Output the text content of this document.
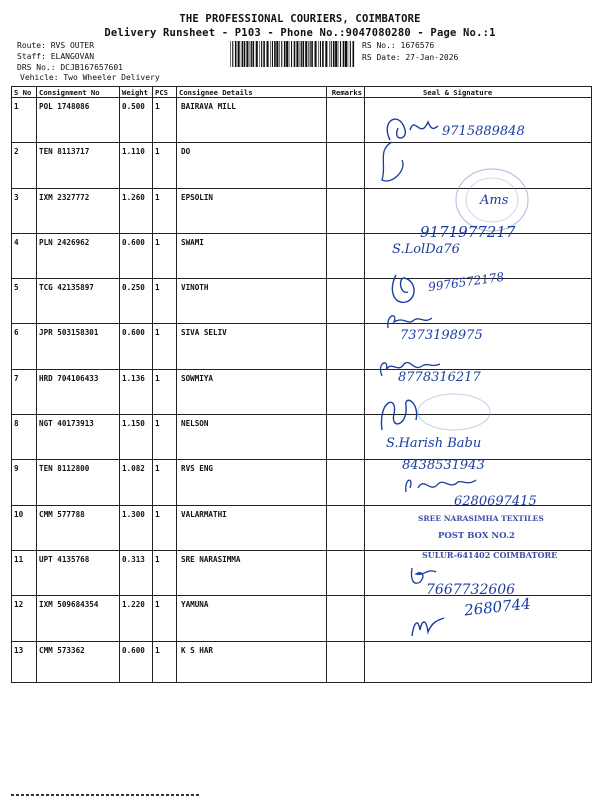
THE PROFESSIONAL COURIERS, COIMBATORE
Delivery Runsheet - P103 - Phone No.:9047080280 - Page No.:1
Route: RVS OUTER
Staff: ELANGOVAN
DRS No.: DCJB167657601
Vehicle: Two Wheeler Delivery
RS No.: 1676576
RS Date: 27-Jan-2026
S No	Consignment No	Weight	PCS	Consignee Details	Remarks	Seal & Signature
1	POL 1748086	0.500	1	BAIRAVA MILL		
2	TEN 8113717	1.110	1	DO		
3	IXM 2327772	1.260	1	EPSOLIN		
4	PLN 2426962	0.600	1	SWAMI		
5	TCG 42135897	0.250	1	VINOTH		
6	JPR 503158301	0.600	1	SIVA SELIV		
7	HRD 704106433	1.136	1	SOWMIYA		
8	NGT 40173913	1.150	1	NELSON		
9	TEN 8112800	1.082	1	RVS ENG		
10	CMM 577788	1.300	1	VALARMATHI		
11	UPT 4135768	0.313	1	SRE NARASIMMA		
12	IXM 509684354	1.220	1	YAMUNA		
13	CMM 573362	0.600	1	K S HAR		
9715889848
Ams
9171977217
S.LolDa76
9976572178
7373198975
8778316217
S.Harish Babu
8438531943
6280697415
SREE NARASIMHA TEXTILES
POST BOX NO.2
SULUR-641402 COIMBATORE
7667732606
2680744
